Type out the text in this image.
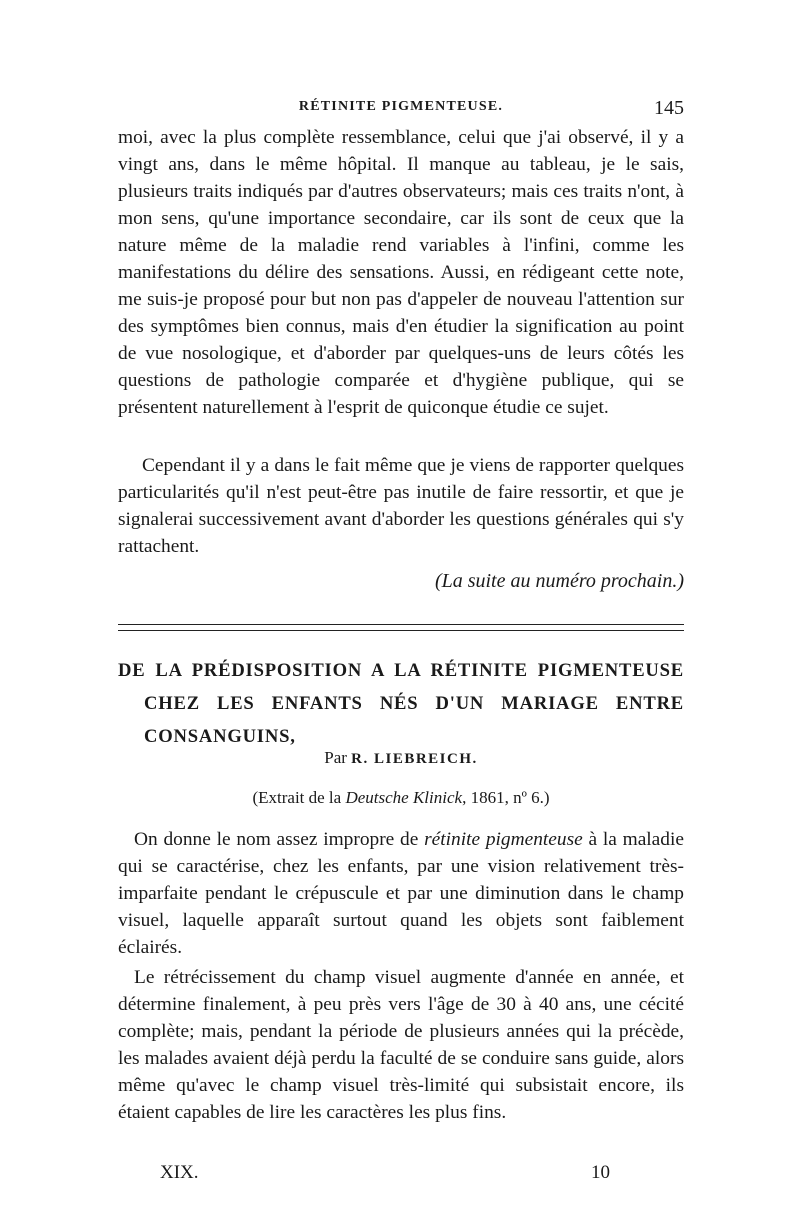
RÉTINITE PIGMENTEUSE.	145

moi, avec la plus complète ressemblance, celui que j'ai observé, il y a vingt ans, dans le même hôpital. Il manque au tableau, je le sais, plusieurs traits indiqués par d'autres observateurs; mais ces traits n'ont, à mon sens, qu'une importance secondaire, car ils sont de ceux que la nature même de la maladie rend variables à l'infini, comme les manifestations du délire des sensations. Aussi, en rédigeant cette note, me suis-je proposé pour but non pas d'appeler de nouveau l'attention sur des symptômes bien connus, mais d'en étudier la signification au point de vue nosologique, et d'aborder par quelques-uns de leurs côtés les questions de pathologie comparée et d'hygiène publique, qui se présentent naturellement à l'esprit de quiconque étudie ce sujet.

Cependant il y a dans le fait même que je viens de rapporter quelques particularités qu'il n'est peut-être pas inutile de faire ressortir, et que je signalerai successivement avant d'aborder les questions générales qui s'y rattachent.

(La suite au numéro prochain.)
DE LA PRÉDISPOSITION A LA RÉTINITE PIGMENTEUSE CHEZ LES ENFANTS NÉS D'UN MARIAGE ENTRE CONSANGUINS,
Par R. LIEBREICH.
(Extrait de la Deutsche Klinick, 1861, nº 6.)

On donne le nom assez impropre de rétinite pigmenteuse à la maladie qui se caractérise, chez les enfants, par une vision relativement très-imparfaite pendant le crépuscule et par une diminution dans le champ visuel, laquelle apparaît surtout quand les objets sont faiblement éclairés.

Le rétrécissement du champ visuel augmente d'année en année, et détermine finalement, à peu près vers l'âge de 30 à 40 ans, une cécité complète; mais, pendant la période de plusieurs années qui la précède, les malades avaient déjà perdu la faculté de se conduire sans guide, alors même qu'avec le champ visuel très-limité qui subsistait encore, ils étaient capables de lire les caractères les plus fins.

XIX.	10
